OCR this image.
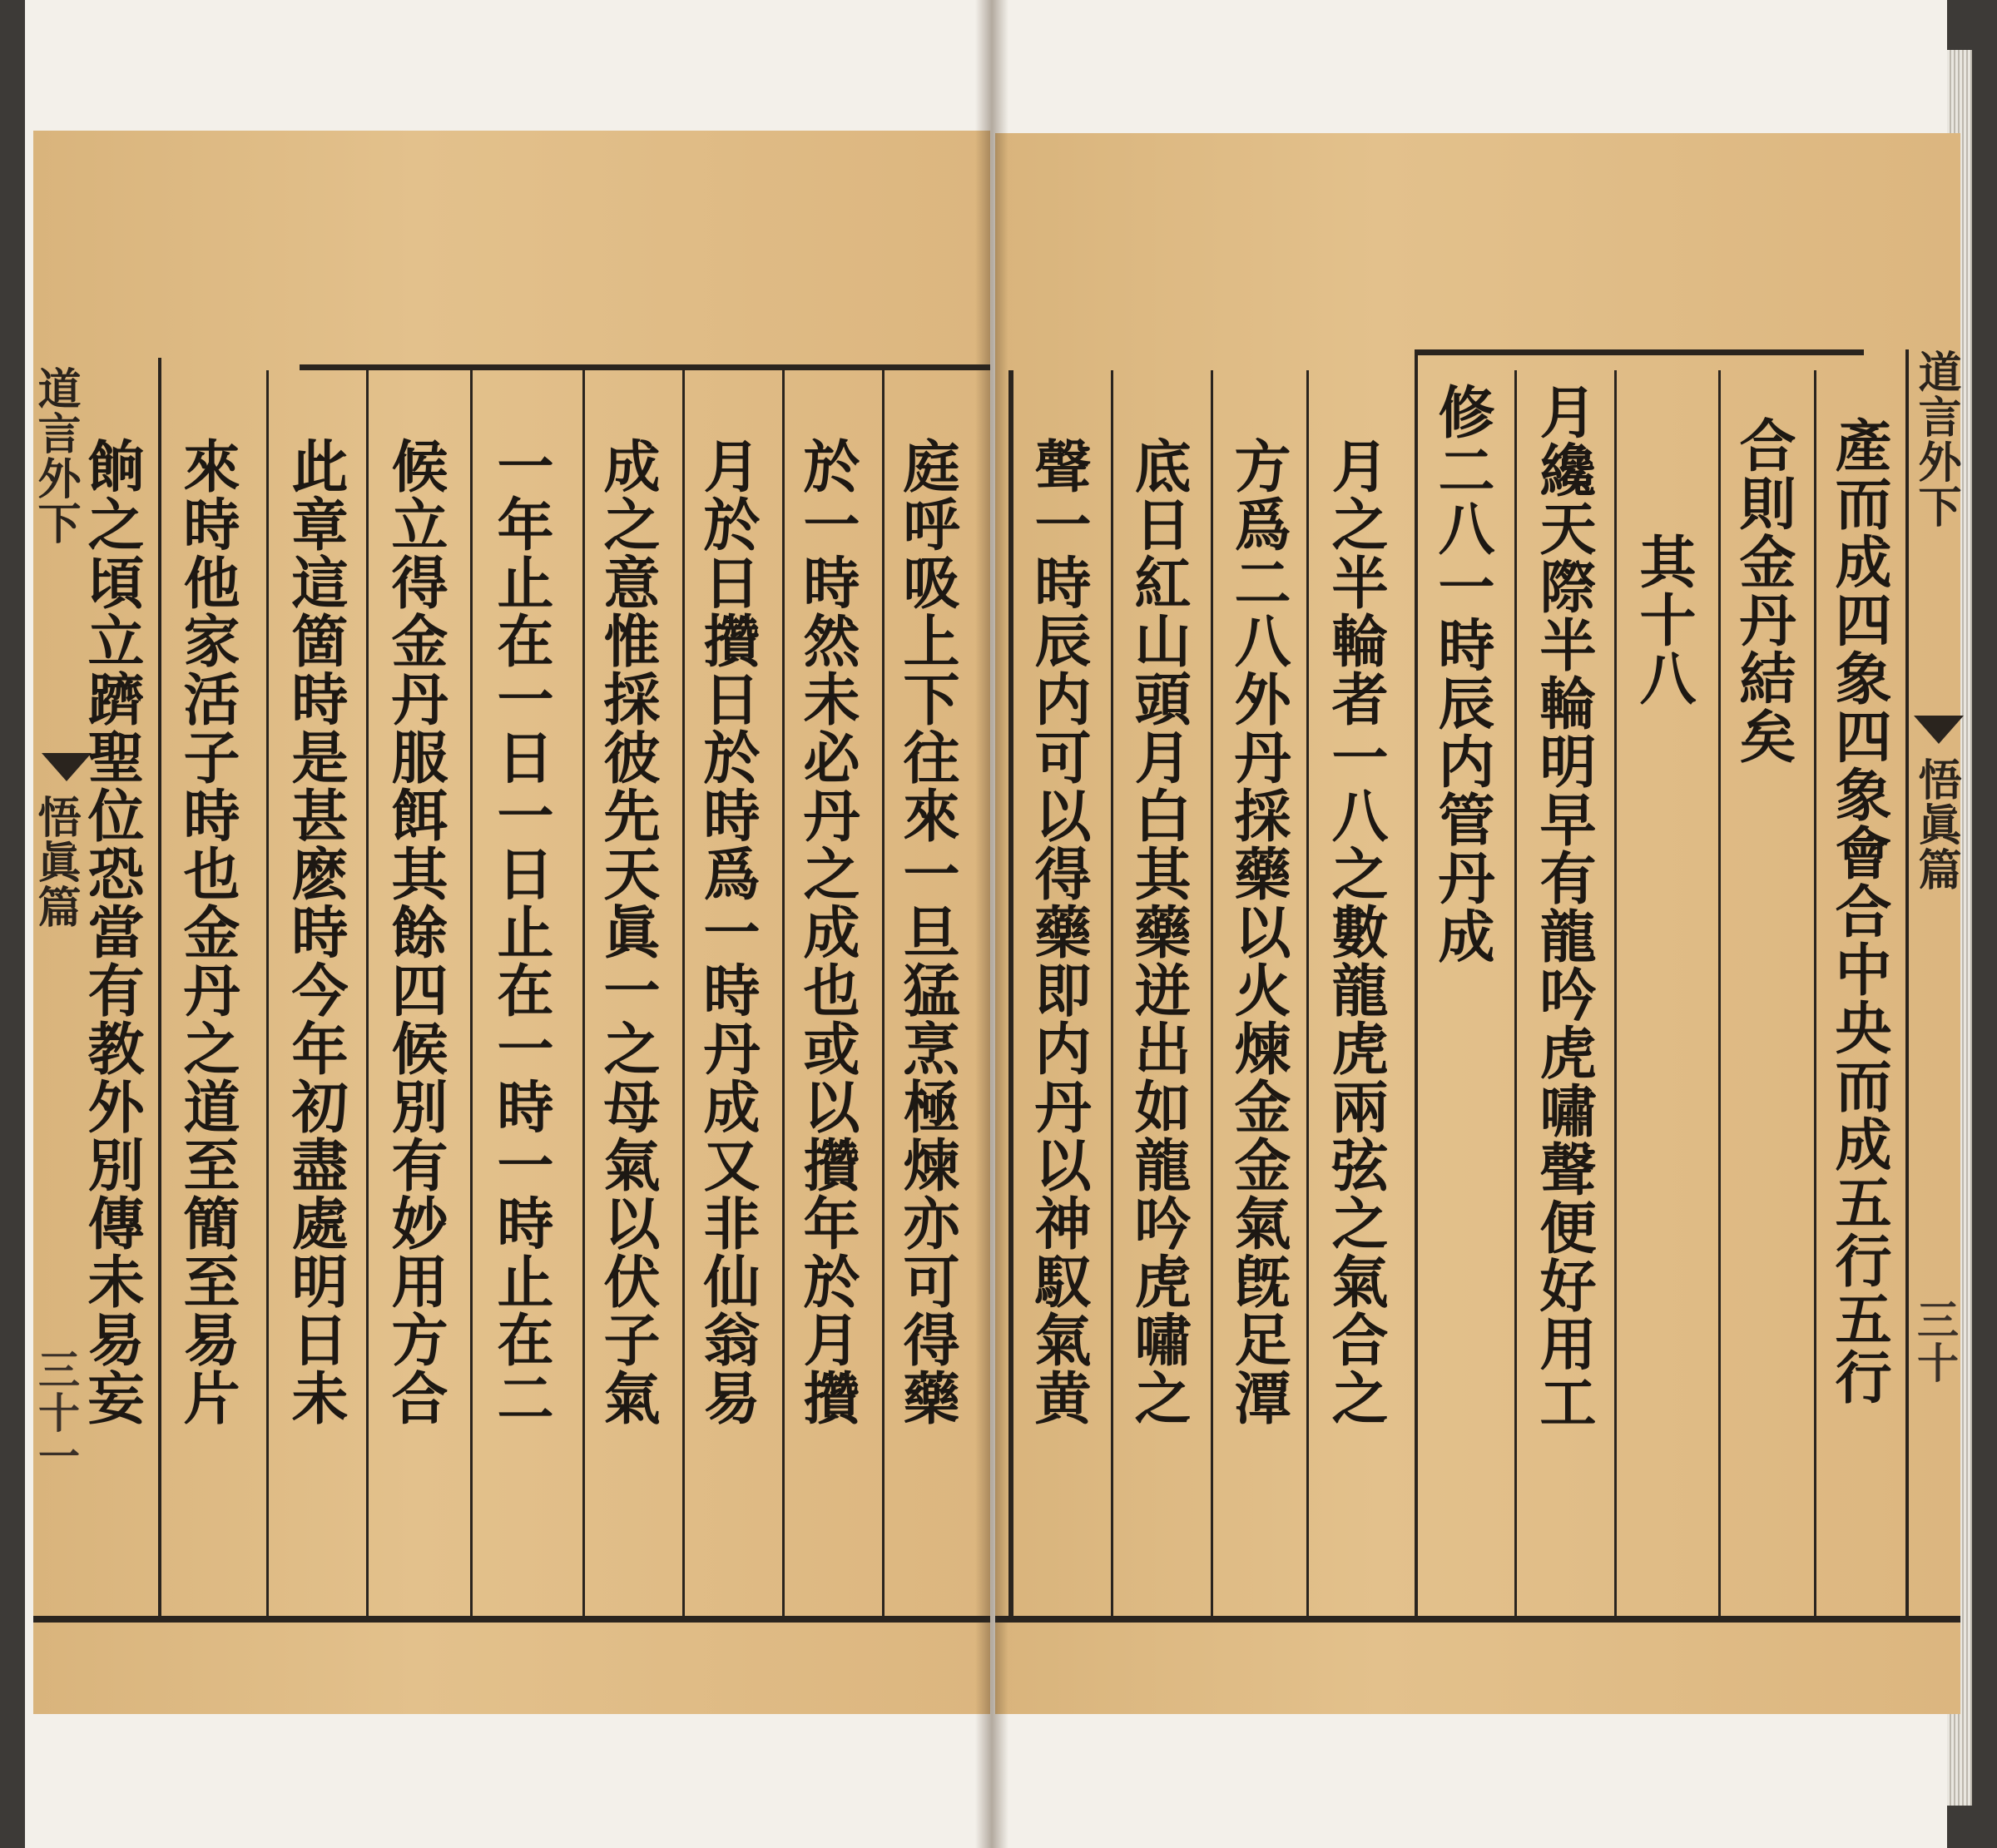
庭呼吸上下往來一旦猛烹極煉亦可得藥
於一時然未必丹之成也或以攢年於月攢
月於日攢日於時爲一時丹成又非仙翁易
成之意惟採彼先天眞一之母氣以伏子氣
一年止在一日一日止在一時一時止在二
候立得金丹服餌其餘四候別有妙用方合
此章這箇時是甚麽時今年初盡處明日未
來時他家活子時也金丹之道至簡至易片
餉之頃立躋聖位恐當有教外別傳未易妄
道言外下
悟眞篇
三十一
產而成四象四象會合中央而成五行五行
合則金丹結矣
其十八
月纔天際半輪明早有龍吟虎嘯聲便好用工
修二八一時辰内管丹成
月之半輪者一八之數龍虎兩弦之氣合之
方爲二八外丹採藥以火煉金金氣旣足潭
底日紅山頭月白其藥迸出如龍吟虎嘯之
聲一時辰内可以得藥即内丹以神馭氣黄	道言外下
悟眞篇
三十
